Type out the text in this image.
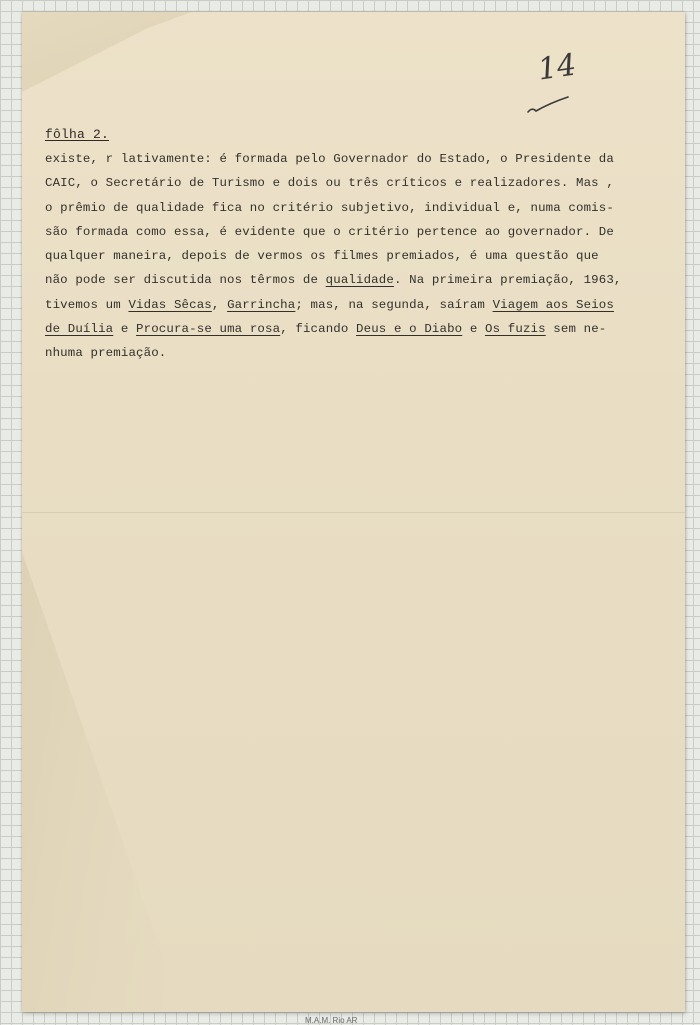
14
fôlha 2.

existe, r lativamente: é formada pelo Governador do Estado, o Presidente da
CAIC, o Secretário de Turismo e dois ou três críticos e realizadores. Mas ,
o prêmio de qualidade fica no critério subjetivo, individual e, numa comis-
são formada como essa, é evidente que o critério pertence ao governador. De
qualquer maneira, depois de vermos os filmes premiados, é uma questão que
não pode ser discutida nos têrmos de qualidade. Na primeira premiação, 1963,
tivemos um Vidas Sêcas, Garrincha; mas, na segunda, saíram Viagem aos Seios
de Duília e Procura-se uma rosa, ficando Deus e o Diabo e Os fuzis sem ne-
nhuma premiação.

M.A.M. Rio AR
